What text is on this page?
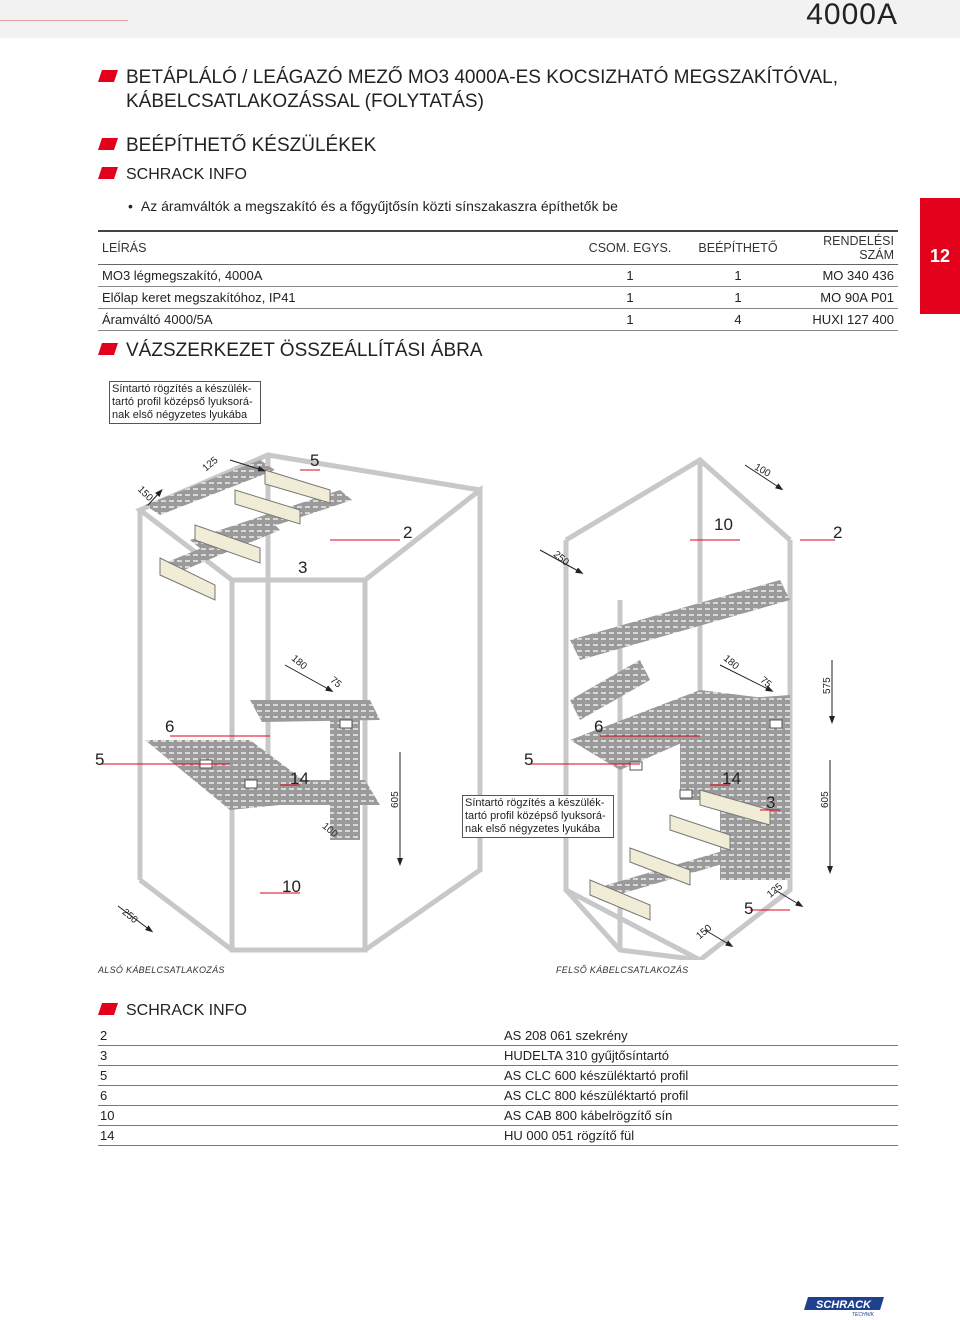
4000A
BETÁPLÁLÓ / LEÁGAZÓ MEZŐ MO3 4000A-ES KOCSIZHATÓ MEGSZAKÍTÓVAL,
KÁBELCSATLAKOZÁSSAL (FOLYTATÁS)
BEÉPÍTHETŐ KÉSZÜLÉKEK
SCHRACK INFO
• Az áramváltók a megszakító és a főgyűjtősín közti sínszakaszra építhetők be
LEÍRÁS	CSOM. EGYS.	BEÉPÍTHETŐ	RENDELÉSI SZÁM
MO3 légmegszakító, 4000A	1	1	MO 340 436
Előlap keret megszakítóhoz, IP41	1	1	MO 90A P01
Áramváltó 4000/5A	1	4	HUXI 127 400
12
VÁZSZERKEZET ÖSSZEÁLLÍTÁSI ÁBRA
Síntartó rögzítés a készülék-
tartó profil középső lyuksorá-
nak első négyzetes lyukába
125
150
100
250
180
75
180
75	575
605
100
605
250
125
150
5
2	10	2
3
6	6
5	5
14	14
3
10
5
Síntartó rögzítés a készülék-
tartó profil középső lyuksorá-
nak első négyzetes lyukába
ALSÓ KÁBELCSATLAKOZÁS	FELSŐ KÁBELCSATLAKOZÁS
SCHRACK INFO
2	AS 208 061 szekrény
3	HUDELTA 310 gyűjtősíntartó
5	AS CLC 600 készüléktartó profil
6	AS CLC 800 készüléktartó profil
10	AS CAB 800 kábelrögzítő sín
14	HU 000 051 rögzítő fül
SCHRACK
TECHNIK
